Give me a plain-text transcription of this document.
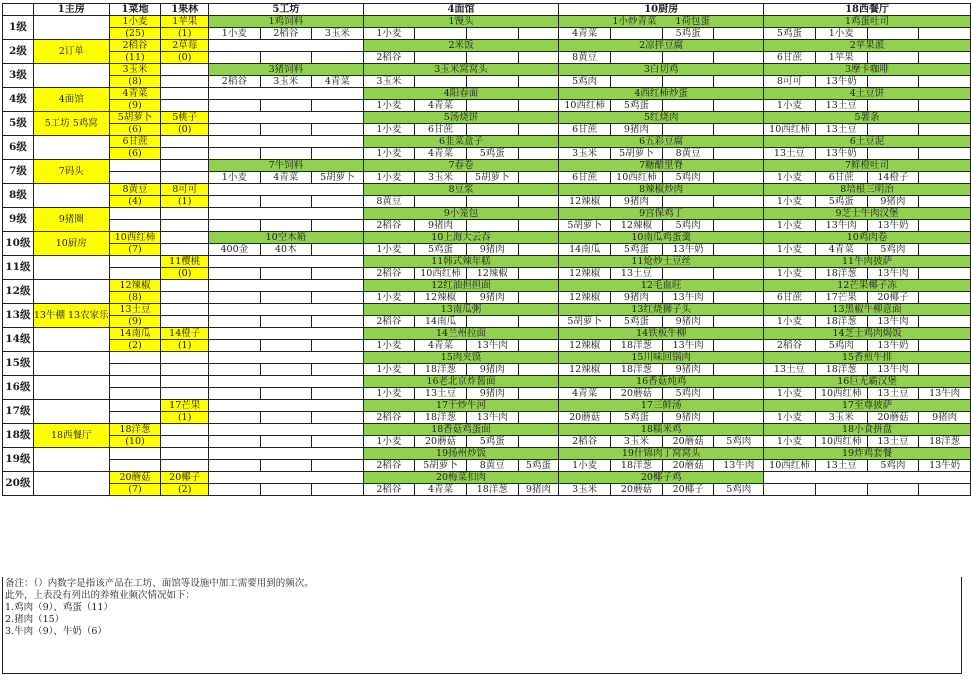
	1主房	1菜地	1果林	5工坊			4面馆				10厨房				18西餐厅			
1级		1小麦	1苹果	1鸡饲料			1馒头				1小炒青菜　　1荷包蛋				1鸡蛋吐司			
		(25)	(1)	1小麦	2稻谷	3玉米	1小麦				4青菜		5鸡蛋		5鸡蛋	1小麦		
2级	2订单	2稻谷	2草莓				2米饭				2凉拌豆腐				2苹果派			
		(11)	(0)				2稻谷				8黄豆				6甘蔗	1苹果		
3级		3玉米		3猪饲料			3玉米窝窝头				3白切鸡				3摩卡咖啡			
		(8)		2稻谷	3玉米	4青菜	3玉米				5鸡肉				8可可	13牛奶		
4级	4面馆	4青菜					4阳春面				4西红柿炒蛋				4土豆饼			
		(9)					1小麦	4青菜			10西红柿	5鸡蛋			1小麦	13土豆		
5级	5工坊 5鸡窝	5胡萝卜	5桃子				5汤烧饼				5红烧肉				5薯条			
		(6)	(0)				1小麦	6甘蔗			6甘蔗	9猪肉			10西红柿	13土豆		
6级		6甘蔗					6韭菜盒子				6五彩豆腐				6土豆泥			
		(6)					1小麦	4青菜	5鸡蛋		3玉米	5胡萝卜	8黄豆		13土豆	13牛奶		
7级	7码头			7牛饲料			7春卷				7糖醋里脊				7鲜橙吐司			
				1小麦	4青菜	5胡萝卜	1小麦	3玉米	5胡萝卜		6甘蔗	10西红柿	5鸡肉		1小麦	6甘蔗	14橙子	
8级		8黄豆	8可可				8豆浆				8辣椒炒肉				8培根三明治			
		(4)	(1)				8黄豆				12辣椒	9猪肉			1小麦	5鸡蛋	9猪肉	
9级	9猪圈						9小笼包				9宫保鸡丁				9芝士牛肉汉堡			
							2稻谷	9猪肉			5胡萝卜	12辣椒	5鸡肉		1小麦	13牛肉	13牛奶	
10级	10厨房	10西红柿		10空木箱			10上海大云吞				10南瓜鸡蛋羹				10鸡肉卷			
		(7)		400金	40木		1小麦	5鸡蛋	9猪肉		14南瓜	5鸡蛋	13牛奶		1小麦	4青菜	5鸡肉	
11级			11樱桃				11韩式辣年糕				11炝炒土豆丝				11牛肉披萨			
			(0)				2稻谷	10西红柿	12辣椒		12辣椒	13土豆			1小麦	18洋葱	13牛肉	
12级		12辣椒					12红油担担面				12毛血旺				12芒果椰子冻			
		(8)					1小麦	12辣椒	9猪肉		12辣椒	9猪肉	13牛肉		6甘蔗	17芒果	20椰子	
13级	13牛棚 13农家乐	13土豆					13南瓜粥				13红烧狮子头				13黑椒牛柳意面			
		(9)					2稻谷	14南瓜			5胡萝卜	5鸡蛋	9猪肉		1小麦	18洋葱	13牛肉	
14级		14南瓜	14橙子				14兰州拉面				14铁板牛柳				14芝士鸡肉焗饭			
		(2)	(1)				1小麦	4青菜	13牛肉		12辣椒	18洋葱	13牛肉		2稻谷	5鸡肉	13牛奶	
15级							15肉夹馍				15川味回锅肉				15香煎牛排			
							1小麦	18洋葱	9猪肉		12辣椒	18洋葱	9猪肉		13土豆	18洋葱	13牛肉	
16级							16老北京炸酱面				16香菇炖鸡				16巨无霸汉堡			
							1小麦	13土豆	9猪肉		4青菜	20蘑菇	5鸡肉		1小麦	10西红柿	13土豆	13牛肉
17级			17芒果				17干炒牛河				17三鲜汤				17至尊披萨			
			(1)				2稻谷	18洋葱	13牛肉		20蘑菇	5鸡蛋	9猪肉		1小麦	3玉米	20蘑菇	9猪肉
18级	18西餐厅	18洋葱					18香菇鸡蛋面				18糯米鸡				18小食拼盘			
		(10)					1小麦	20蘑菇	5鸡蛋		2稻谷	3玉米	20蘑菇	5鸡肉	1小麦	10西红柿	13土豆	18洋葱
19级							19扬州炒饭				19什锦肉丁窝窝头				19炸鸡套餐			
							2稻谷	5胡萝卜	8黄豆	5鸡蛋	1小麦	18洋葱	20蘑菇	13牛肉	10西红柿	13土豆	5鸡肉	13牛奶
20级		20蘑菇	20椰子				20梅菜扣肉				20椰子鸡							
		(7)	(2)				2稻谷	4青菜	18洋葱	9猪肉	3玉米	20蘑菇	20椰子	5鸡肉				
备注：（）内数字是指该产品在工坊、面馆等设施中加工需要用到的频次。
此外，上表没有列出的养殖业频次情况如下：
1.鸡肉（9）、鸡蛋（11）
2.猪肉（15）
3.牛肉（9）、牛奶（6）
